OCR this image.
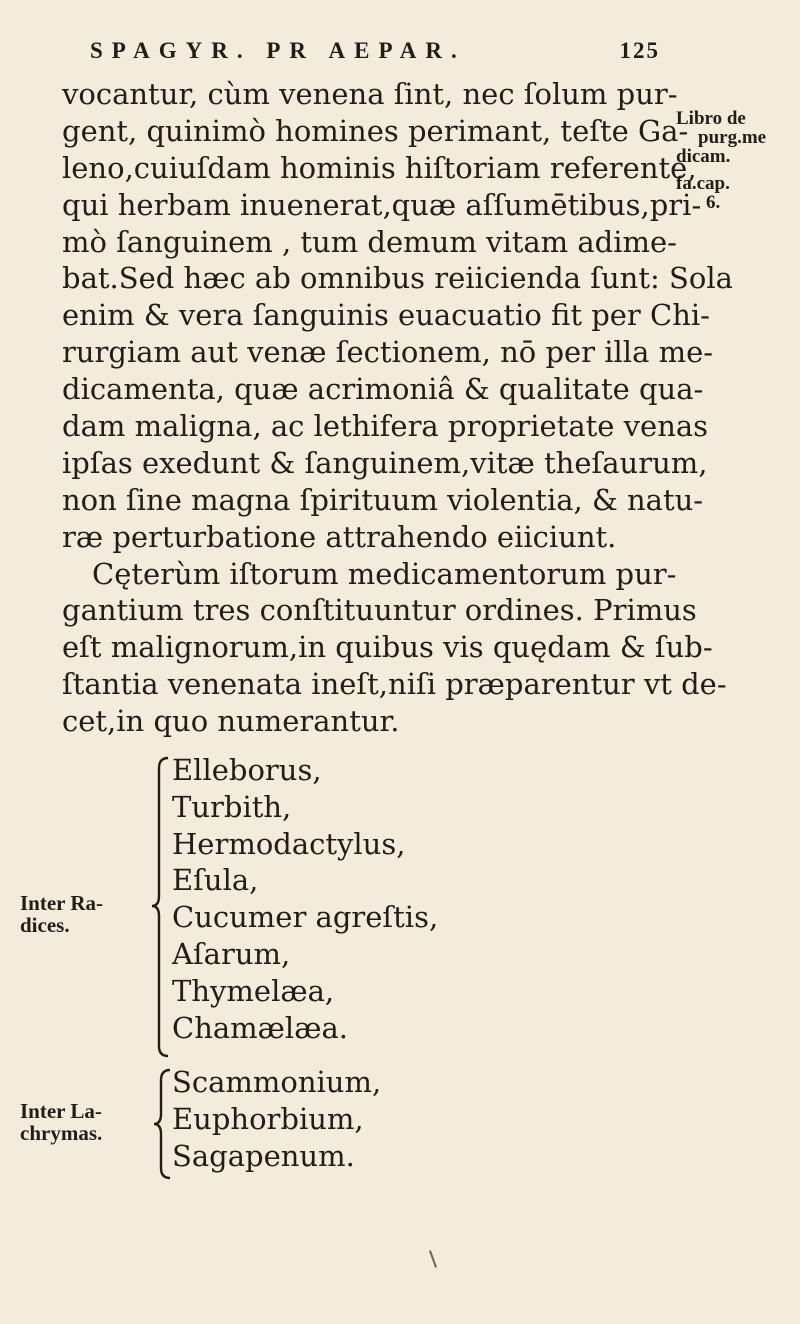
SPAGYR. PR AEPAR.	125
vocantur, cùm venena ſint, nec ſolum pur-
gent, quinimò homines perimant, teſte Ga-
leno,cuiuſdam hominis hiſtoriam referente,
qui herbam inuenerat,quæ aſſumētibus,pri-
mò ſanguinem , tum demum vitam adime-
bat.Sed hæc ab omnibus reiicienda ſunt: Sola
enim & vera ſanguinis euacuatio fit per Chi-
rurgiam aut venæ ſectionem, nō per illa me-
dicamenta, quæ acrimoniâ & qualitate qua-
dam maligna, ac lethifera proprietate venas
ipſas exedunt & ſanguinem,vitæ theſaurum,
non ſine magna ſpirituum violentia, & natu-
ræ perturbatione attrahendo eiiciunt.
Cęterùm iſtorum medicamentorum pur-
gantium tres conſtituuntur ordines. Primus
eſt malignorum,in quibus vis quędam & ſub-
ſtantia venenata ineſt,niſi præparentur vt de-
cet,in quo numerantur.
Libro de
purg.me
dicam.
fa.cap.
6.
Inter Ra-
dices.
Elleborus,
Turbith,
Hermodactylus,
Eſula,
Cucumer agreſtis,
Aſarum,
Thymelæa,
Chamælæa.
Inter La-
chrymas.
Scammonium,
Euphorbium,
Sagapenum.
